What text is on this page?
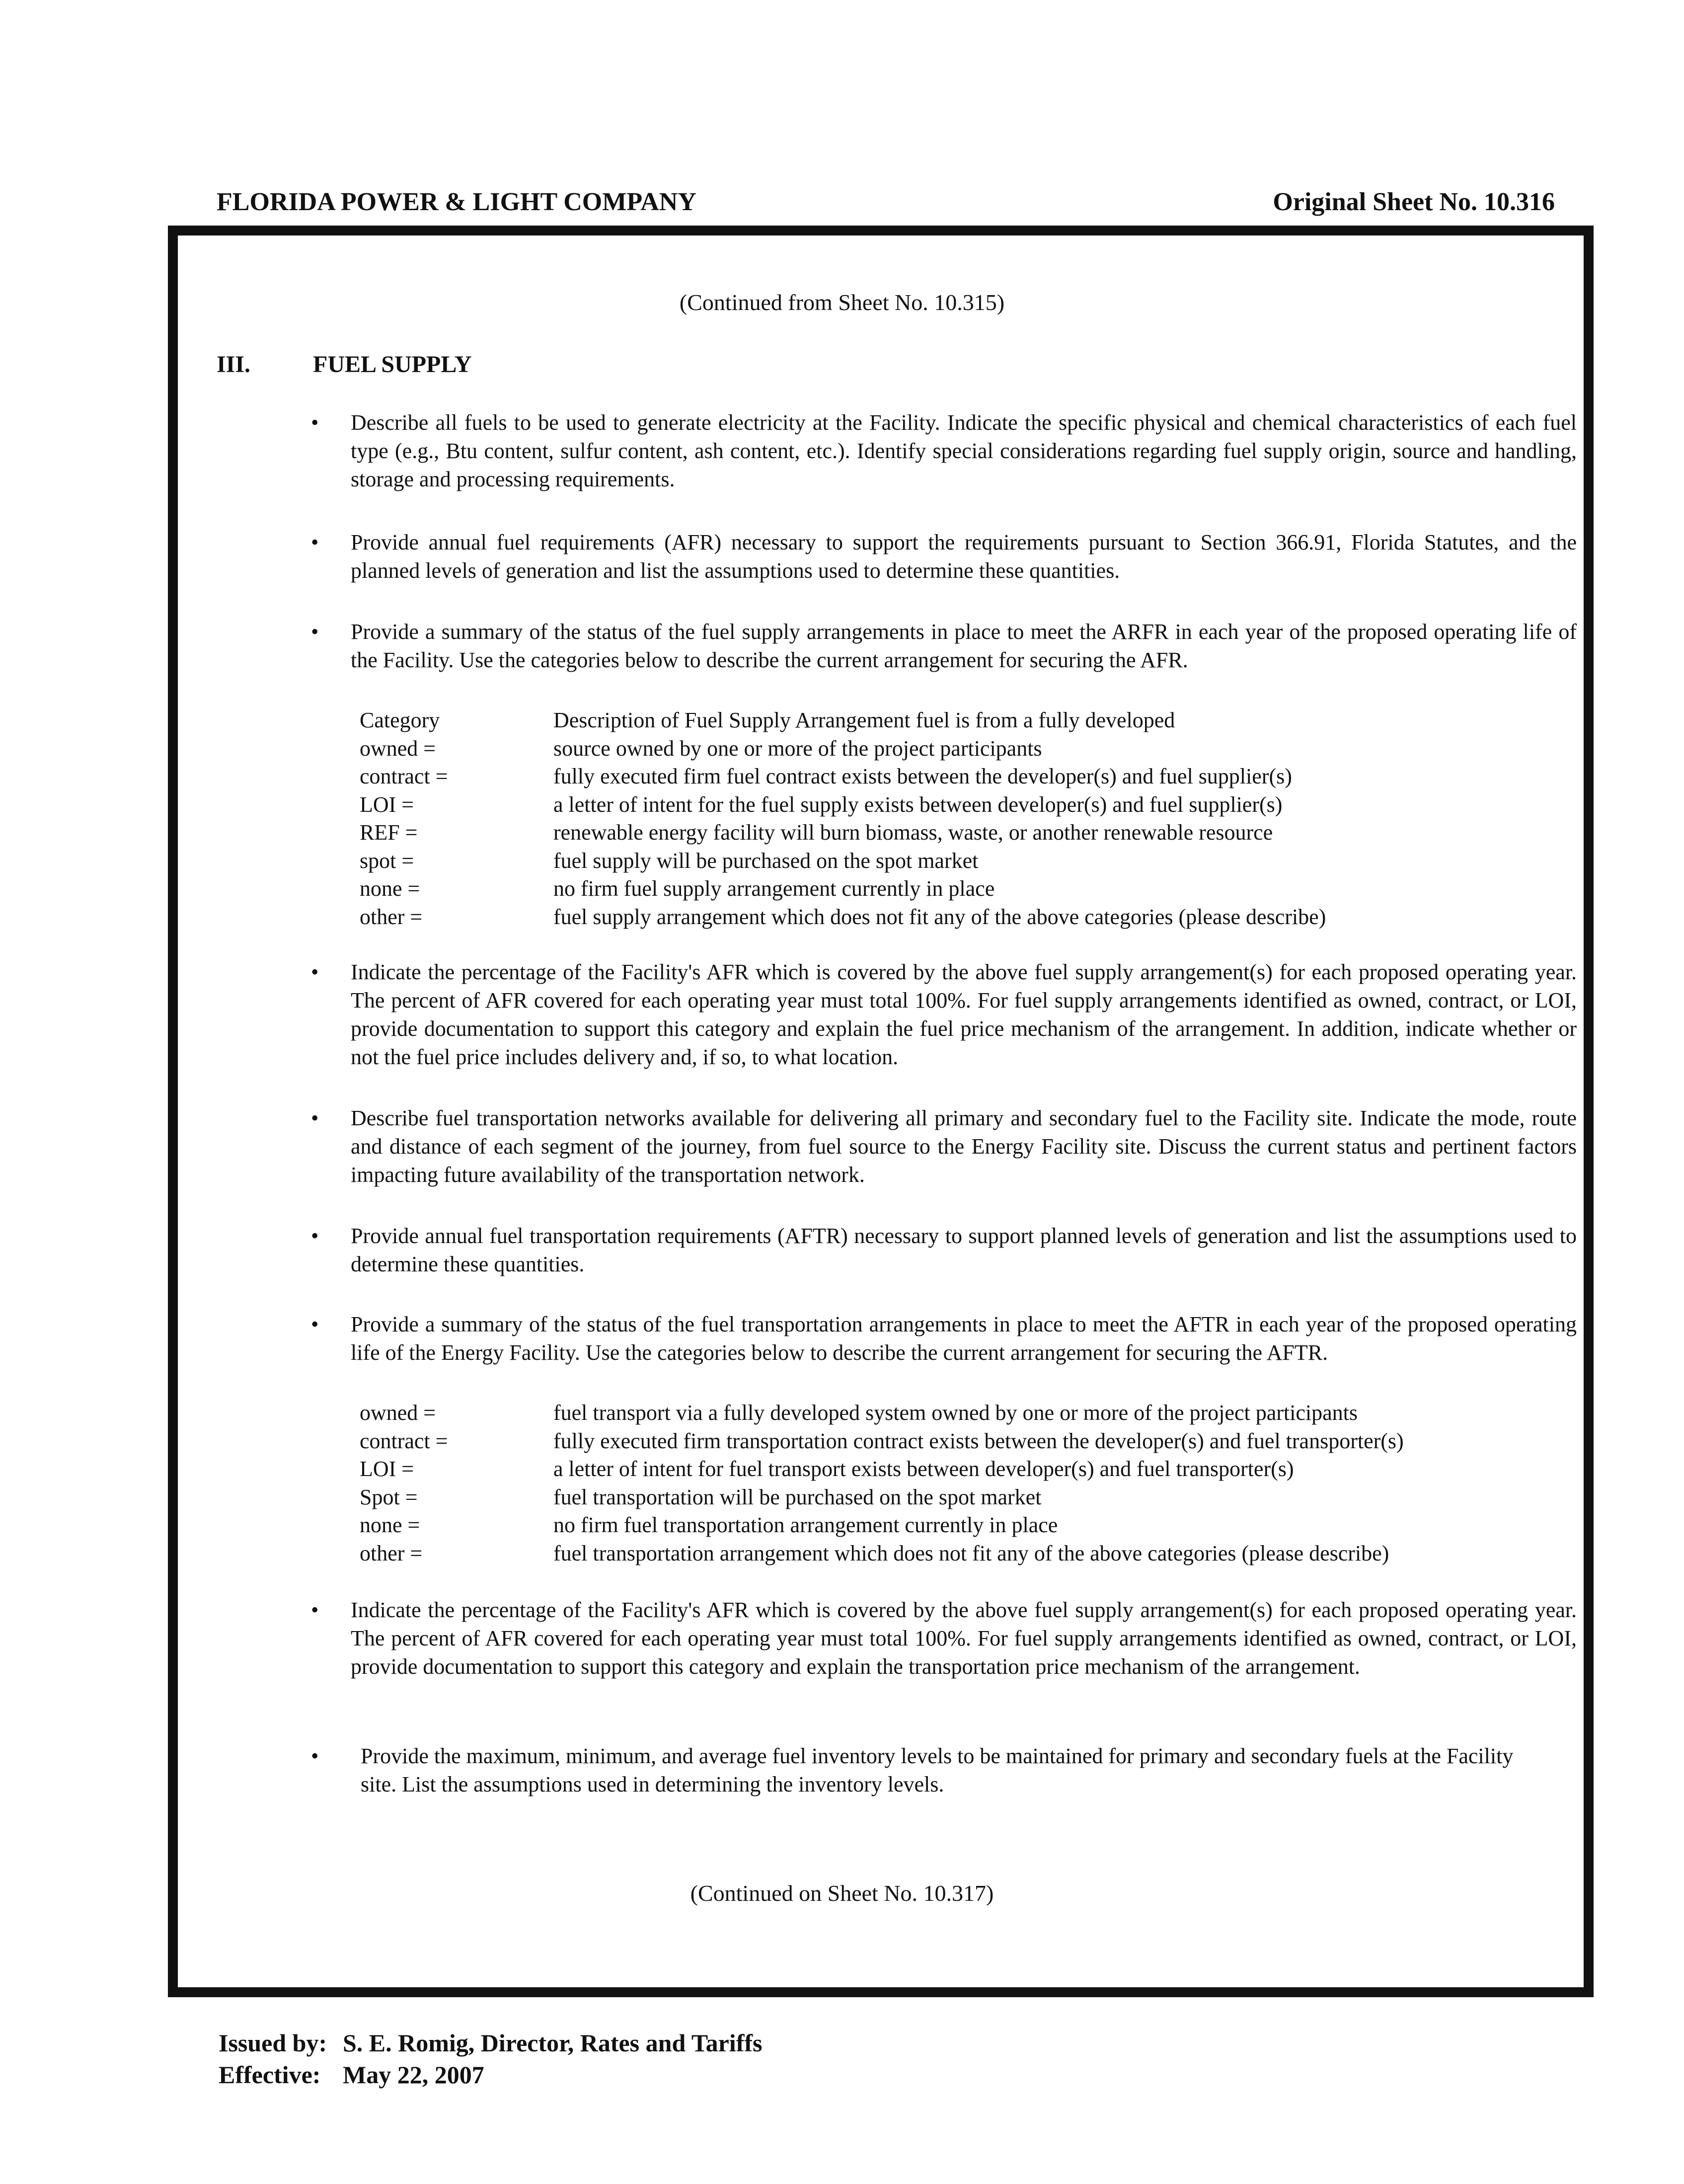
FLORIDA POWER & LIGHT COMPANY	Original Sheet No. 10.316
(Continued from Sheet No. 10.315)
III.	FUEL SUPPLY
• Describe all fuels to be used to generate electricity at the Facility. Indicate the specific physical and chemical characteristics of each fuel type (e.g., Btu content, sulfur content, ash content, etc.). Identify special considerations regarding fuel supply origin, source and handling, storage and processing requirements.

• Provide annual fuel requirements (AFR) necessary to support the requirements pursuant to Section 366.91, Florida Statutes, and the planned levels of generation and list the assumptions used to determine these quantities.

• Provide a summary of the status of the fuel supply arrangements in place to meet the ARFR in each year of the proposed operating life of the Facility. Use the categories below to describe the current arrangement for securing the AFR.

Category	Description of Fuel Supply Arrangement fuel is from a fully developed
owned =	source owned by one or more of the project participants
contract =	fully executed firm fuel contract exists between the developer(s) and fuel supplier(s)
LOI =	a letter of intent for the fuel supply exists between developer(s) and fuel supplier(s)
REF =	renewable energy facility will burn biomass, waste, or another renewable resource
spot =	fuel supply will be purchased on the spot market
none =	no firm fuel supply arrangement currently in place
other =	fuel supply arrangement which does not fit any of the above categories (please describe)
• Indicate the percentage of the Facility's AFR which is covered by the above fuel supply arrangement(s) for each proposed operating year. The percent of AFR covered for each operating year must total 100%. For fuel supply arrangements identified as owned, contract, or LOI, provide documentation to support this category and explain the fuel price mechanism of the arrangement. In addition, indicate whether or not the fuel price includes delivery and, if so, to what location.

• Describe fuel transportation networks available for delivering all primary and secondary fuel to the Facility site. Indicate the mode, route and distance of each segment of the journey, from fuel source to the Energy Facility site. Discuss the current status and pertinent factors impacting future availability of the transportation network.

• Provide annual fuel transportation requirements (AFTR) necessary to support planned levels of generation and list the assumptions used to determine these quantities.

• Provide a summary of the status of the fuel transportation arrangements in place to meet the AFTR in each year of the proposed operating life of the Energy Facility. Use the categories below to describe the current arrangement for securing the AFTR.

owned =	fuel transport via a fully developed system owned by one or more of the project participants
contract =	fully executed firm transportation contract exists between the developer(s) and fuel transporter(s)
LOI =	a letter of intent for fuel transport exists between developer(s) and fuel transporter(s)
Spot =	fuel transportation will be purchased on the spot market
none =	no firm fuel transportation arrangement currently in place
other =	fuel transportation arrangement which does not fit any of the above categories (please describe)
• Indicate the percentage of the Facility's AFR which is covered by the above fuel supply arrangement(s) for each proposed operating year. The percent of AFR covered for each operating year must total 100%. For fuel supply arrangements identified as owned, contract, or LOI, provide documentation to support this category and explain the transportation price mechanism of the arrangement.

• Provide the maximum, minimum, and average fuel inventory levels to be maintained for primary and secondary fuels at the Facility site. List the assumptions used in determining the inventory levels.

(Continued on Sheet No. 10.317)
Issued by: S. E. Romig, Director, Rates and Tariffs
Effective: May 22, 2007
